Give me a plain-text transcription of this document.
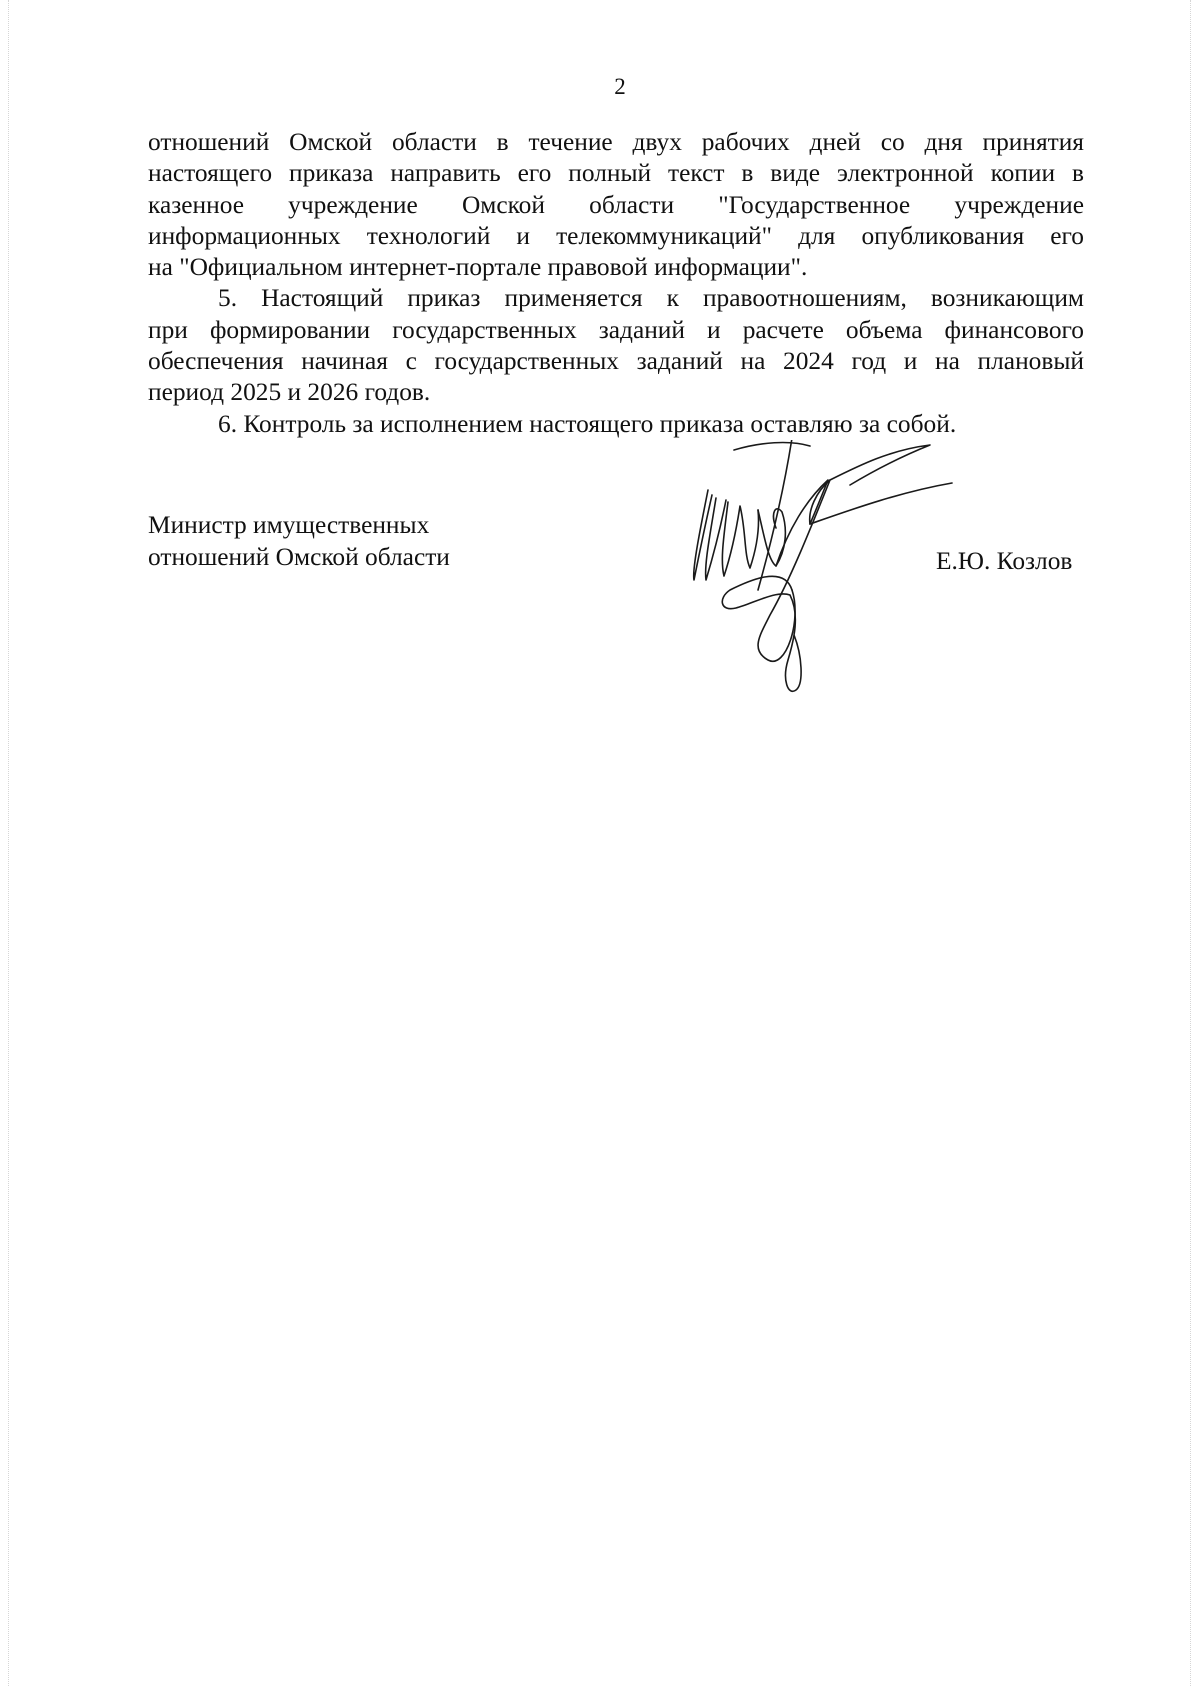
2
отношений Омской области в течение двух рабочих дней со дня принятия
настоящего приказа направить его полный текст в виде электронной копии в
казенное учреждение Омской области "Государственное учреждение
информационных технологий и телекоммуникаций" для опубликования его
на "Официальном интернет-портале правовой информации".
5. Настоящий приказ применяется к правоотношениям, возникающим
при формировании государственных заданий и расчете объема финансового
обеспечения начиная с государственных заданий на 2024 год и на плановый
период 2025 и 2026 годов.
6. Контроль за исполнением настоящего приказа оставляю за собой.
Министр имущественных
отношений Омской области	Е.Ю. Козлов
